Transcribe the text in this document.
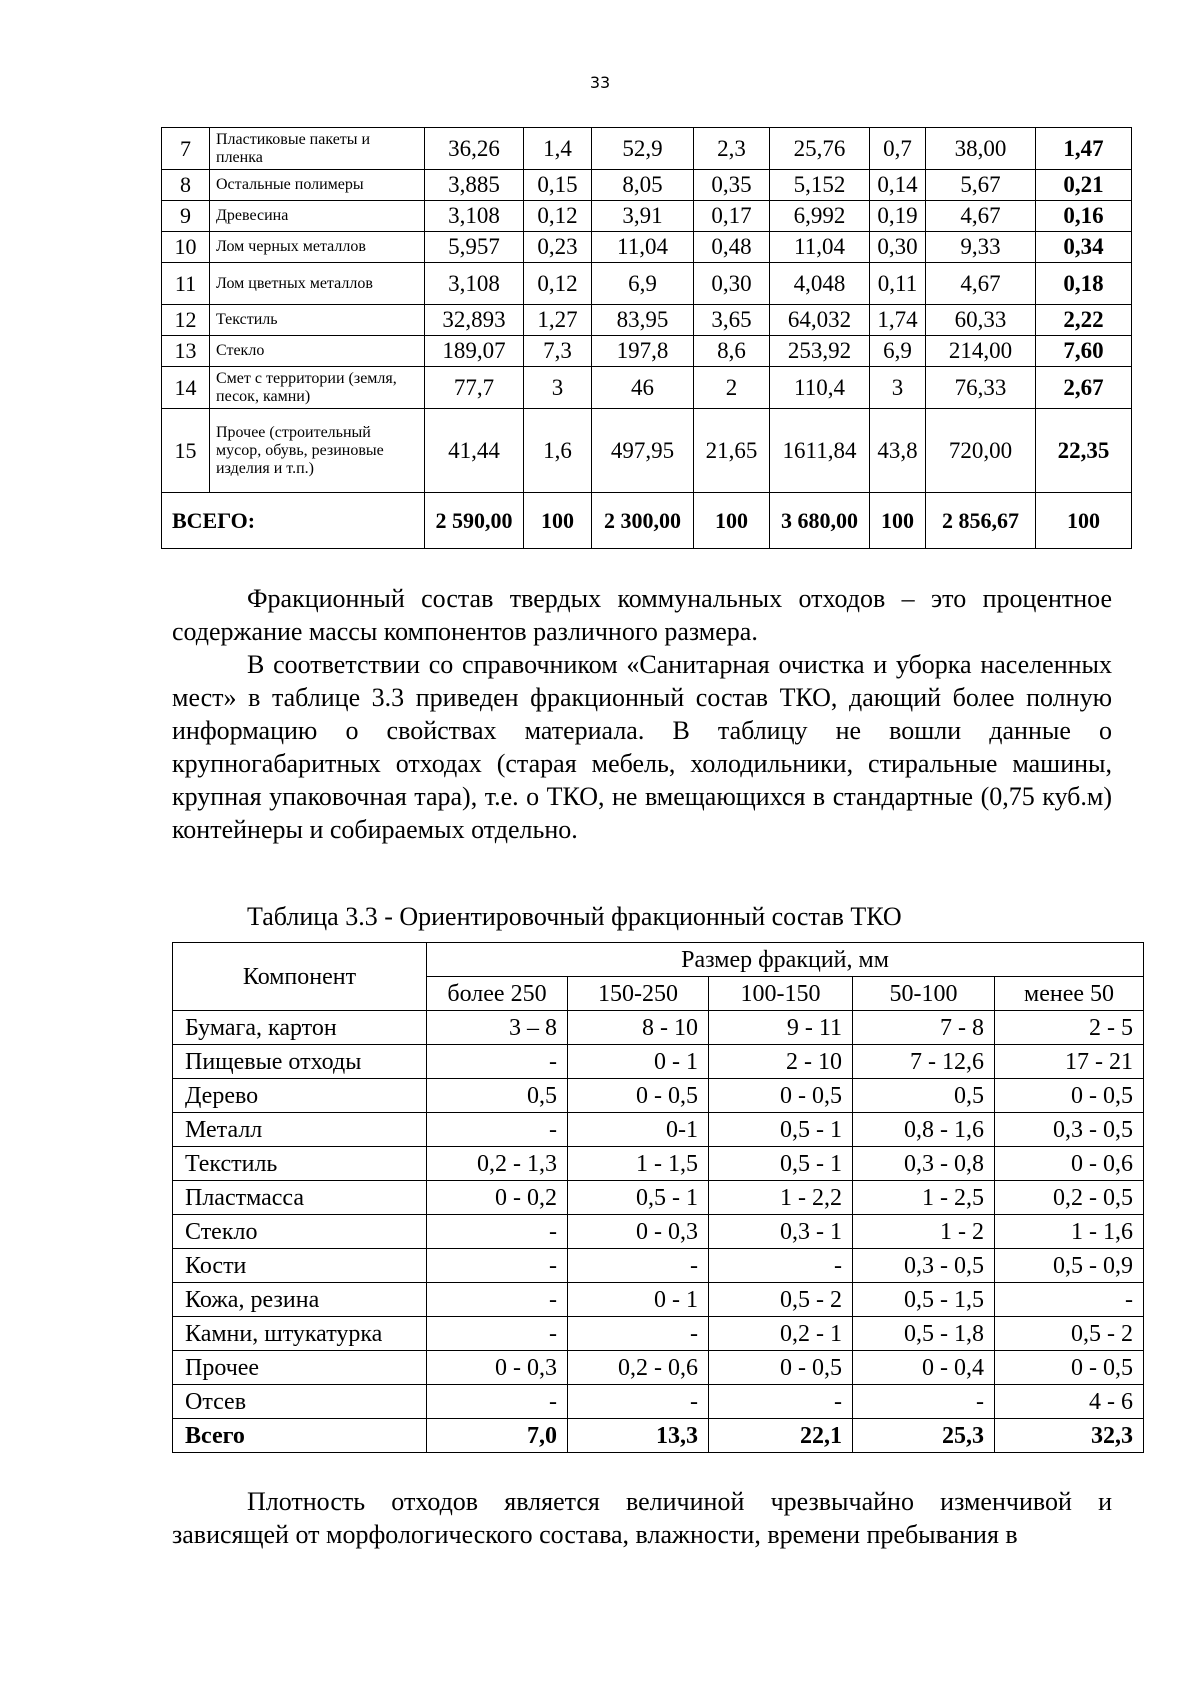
33
7	Пластиковые пакеты и пленка	36,26	1,4	52,9	2,3	25,76	0,7	38,00	1,47
8	Остальные полимеры	3,885	0,15	8,05	0,35	5,152	0,14	5,67	0,21
9	Древесина	3,108	0,12	3,91	0,17	6,992	0,19	4,67	0,16
10	Лом черных металлов	5,957	0,23	11,04	0,48	11,04	0,30	9,33	0,34
11	Лом цветных металлов	3,108	0,12	6,9	0,30	4,048	0,11	4,67	0,18
12	Текстиль	32,893	1,27	83,95	3,65	64,032	1,74	60,33	2,22
13	Стекло	189,07	7,3	197,8	8,6	253,92	6,9	214,00	7,60
14	Смет с территории (земля, песок, камни)	77,7	3	46	2	110,4	3	76,33	2,67
15	Прочее (строительный мусор, обувь, резиновые изделия и т.п.)	41,44	1,6	497,95	21,65	1611,84	43,8	720,00	22,35
ВСЕГО:		2 590,00	100	2 300,00	100	3 680,00	100	2 856,67	100

Фракционный состав твердых коммунальных отходов – это процентное содержание массы компонентов различного размера.

В соответствии со справочником «Санитарная очистка и уборка населенных мест» в таблице 3.3 приведен фракционный состав ТКО, дающий более полную информацию о свойствах материала. В таблицу не вошли данные о крупногабаритных отходах (старая мебель, холодильники, стиральные машины, крупная упаковочная тара), т.е. о ТКО, не вмещающихся в стандартные (0,75 куб.м) контейнеры и собираемых отдельно.

Таблица 3.3 - Ориентировочный фракционный состав ТКО

Компонент	Размер фракций, мм				
	более 250	150-250	100-150	50-100	менее 50
Бумага, картон	3 – 8	8 - 10	9 - 11	7 - 8	2 - 5
Пищевые отходы	-	0 - 1	2 - 10	7 - 12,6	17 - 21
Дерево	0,5	0 - 0,5	0 - 0,5	0,5	0 - 0,5
Металл	-	0-1	0,5 - 1	0,8 - 1,6	0,3 - 0,5
Текстиль	0,2 - 1,3	1 - 1,5	0,5 - 1	0,3 - 0,8	0 - 0,6
Пластмасса	0 - 0,2	0,5 - 1	1 - 2,2	1 - 2,5	0,2 - 0,5
Стекло	-	0 - 0,3	0,3 - 1	1 - 2	1 - 1,6
Кости	-	-	-	0,3 - 0,5	0,5 - 0,9
Кожа, резина	-	0 - 1	0,5 - 2	0,5 - 1,5	-
Камни, штукатурка	-	-	0,2 - 1	0,5 - 1,8	0,5 - 2
Прочее	0 - 0,3	0,2 - 0,6	0 - 0,5	0 - 0,4	0 - 0,5
Отсев	-	-	-	-	4 - 6
Всего	7,0	13,3	22,1	25,3	32,3

Плотность отходов является величиной чрезвычайно изменчивой и зависящей от морфологического состава, влажности, времени пребывания в
